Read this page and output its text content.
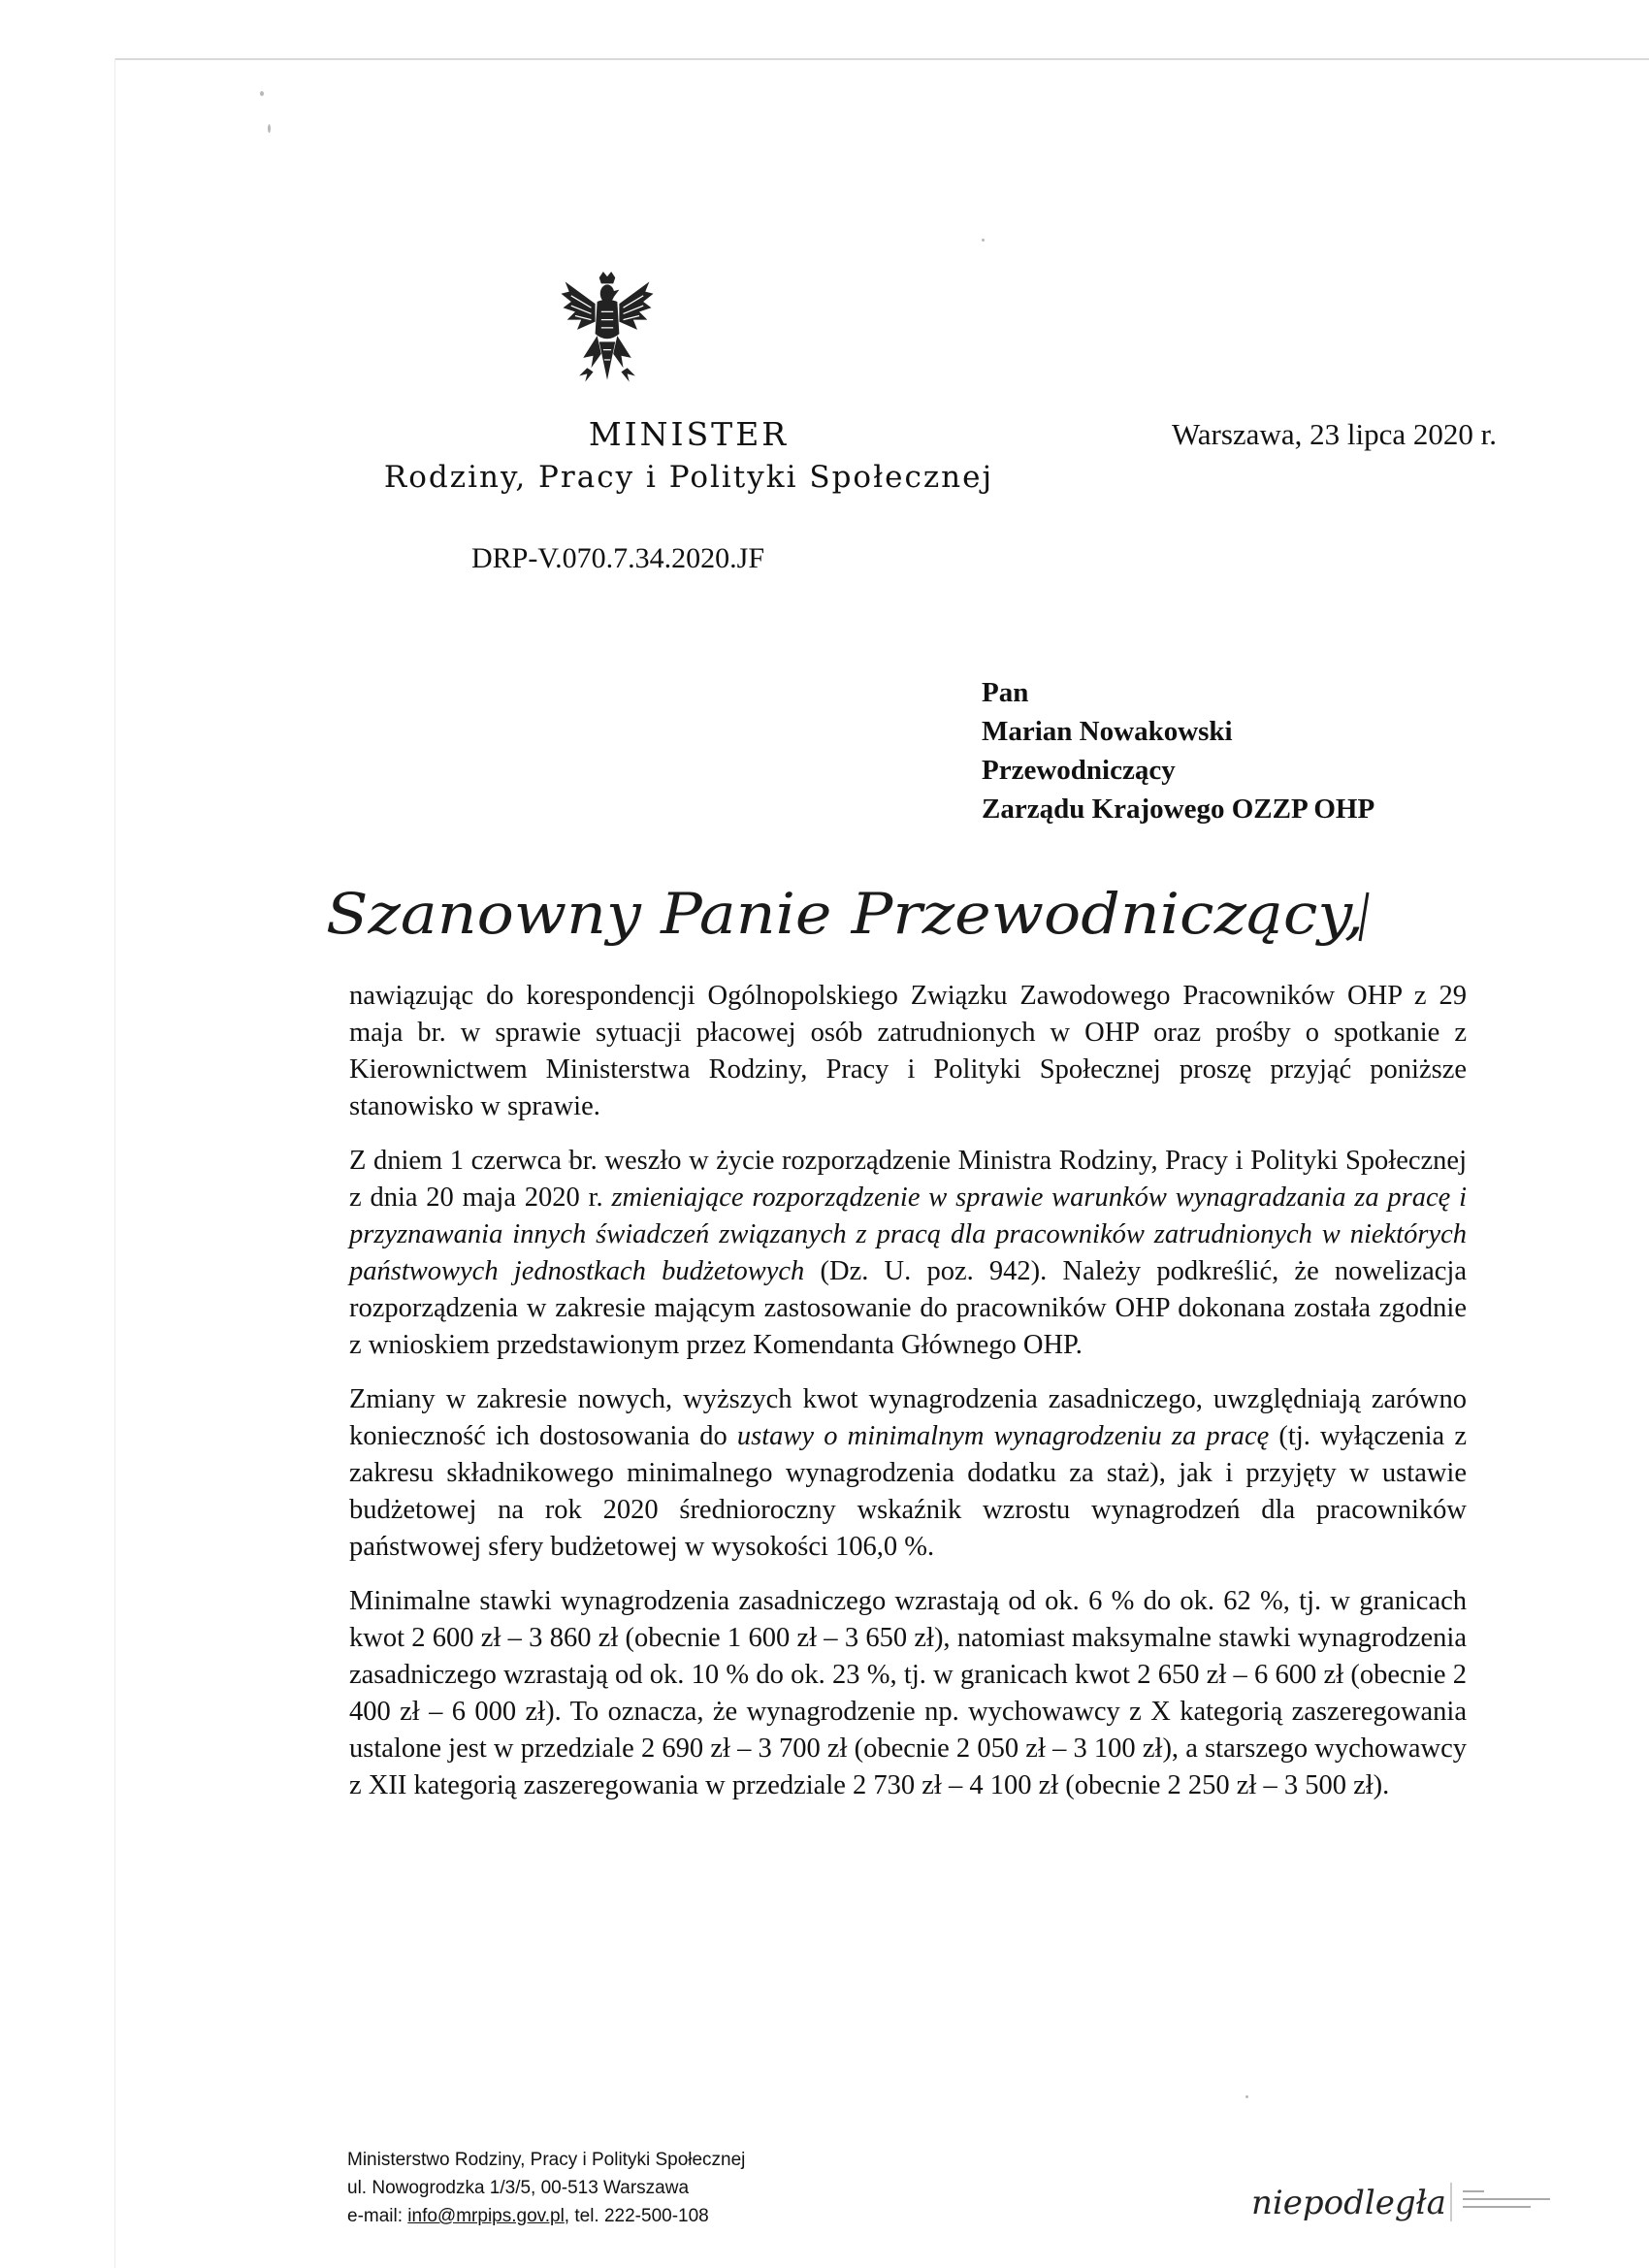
MINISTER
Rodziny, Pracy i Polityki Społecznej
Warszawa, 23 lipca 2020 r.
DRP-V.070.7.34.2020.JF
Pan
Marian Nowakowski
Przewodniczący
Zarządu Krajowego OZZP OHP
Szanowny Panie Przewodniczący,

nawiązując do korespondencji Ogólnopolskiego Związku Zawodowego Pracowników OHP z 29 maja br. w sprawie sytuacji płacowej osób zatrudnionych w OHP oraz prośby o spotkanie z Kierownictwem Ministerstwa Rodziny, Pracy i Polityki Społecznej proszę przyjąć poniższe stanowisko w sprawie.

Z dniem 1 czerwca br. weszło w życie rozporządzenie Ministra Rodziny, Pracy i Polityki Społecznej z dnia 20 maja 2020 r. zmieniające rozporządzenie w sprawie warunków wynagradzania za pracę i przyznawania innych świadczeń związanych z pracą dla pracowników zatrudnionych w niektórych państwowych jednostkach budżetowych (Dz. U. poz. 942). Należy podkreślić, że nowelizacja rozporządzenia w zakresie mającym zastosowanie do pracowników OHP dokonana została zgodnie z wnioskiem przedstawionym przez Komendanta Głównego OHP.

Zmiany w zakresie nowych, wyższych kwot wynagrodzenia zasadniczego, uwzględniają zarówno konieczność ich dostosowania do ustawy o minimalnym wynagrodzeniu za pracę (tj. wyłączenia z zakresu składnikowego minimalnego wynagrodzenia dodatku za staż), jak i przyjęty w ustawie budżetowej na rok 2020 średnioroczny wskaźnik wzrostu wynagrodzeń dla pracowników państwowej sfery budżetowej w wysokości 106,0 %.

Minimalne stawki wynagrodzenia zasadniczego wzrastają od ok. 6 % do ok. 62 %, tj. w granicach kwot 2 600 zł – 3 860 zł (obecnie 1 600 zł – 3 650 zł), natomiast maksymalne stawki wynagrodzenia zasadniczego wzrastają od ok. 10 % do ok. 23 %, tj. w granicach kwot 2 650 zł – 6 600 zł (obecnie 2 400 zł – 6 000 zł). To oznacza, że wynagrodzenie np. wychowawcy z X kategorią zaszeregowania ustalone jest w przedziale 2 690 zł – 3 700 zł (obecnie 2 050 zł – 3 100 zł), a starszego wychowawcy z XII kategorią zaszeregowania w przedziale 2 730 zł – 4 100 zł (obecnie 2 250 zł – 3 500 zł).

Ministerstwo Rodziny, Pracy i Polityki Społecznej
ul. Nowogrodzka 1/3/5, 00-513 Warszawa
e-mail: info@mrpips.gov.pl, tel. 222-500-108	niepodległa
